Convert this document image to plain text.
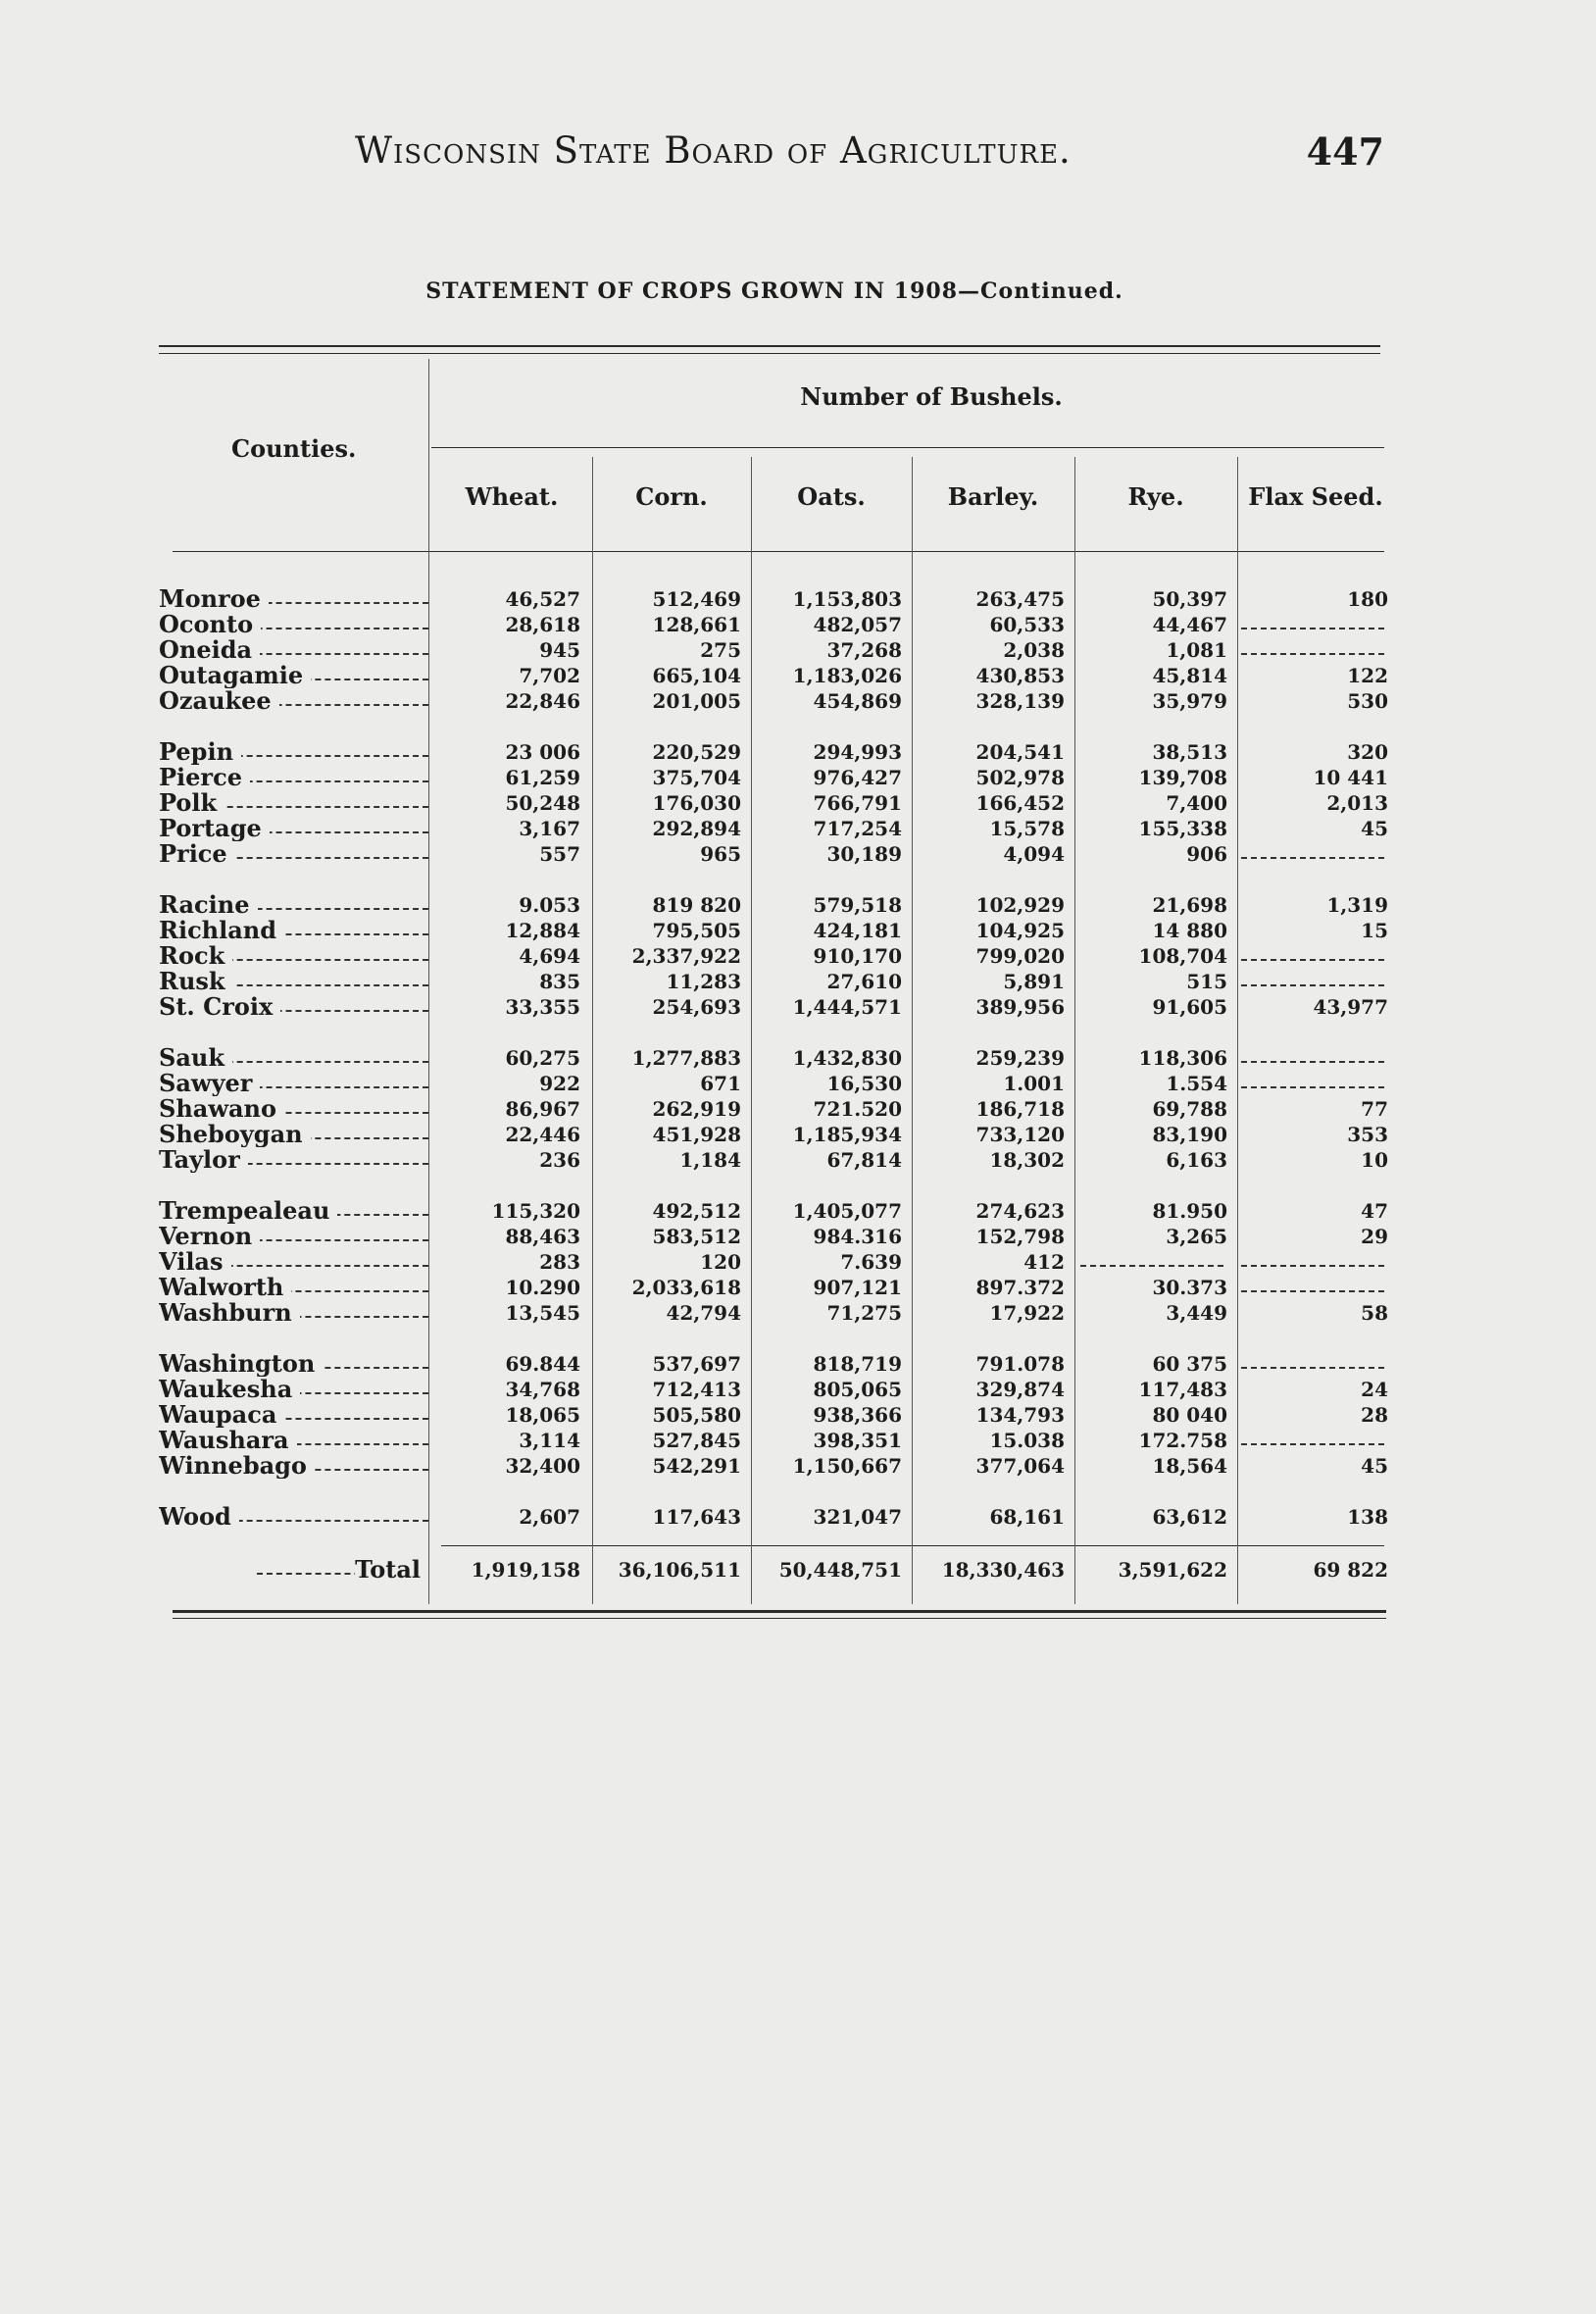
Wisconsin State Board of Agriculture.	447
STATEMENT OF CROPS GROWN IN 1908—Continued.
Counties.
Number of Bushels.
Wheat.	Corn.	Oats.	Barley.	Rye.	Flax Seed.
Monroe	46,527	512,469	1,153,803	263,475	50,397	180
Oconto	28,618	128,661	482,057	60,533	44,467
Oneida	945	275	37,268	2,038	1,081
Outagamie	7,702	665,104	1,183,026	430,853	45,814	122
Ozaukee	22,846	201,005	454,869	328,139	35,979	530
Pepin	23 006	220,529	294,993	204,541	38,513	320
Pierce	61,259	375,704	976,427	502,978	139,708	10 441
Polk	50,248	176,030	766,791	166,452	7,400	2,013
Portage	3,167	292,894	717,254	15,578	155,338	45
Price	557	965	30,189	4,094	906
Racine	9.053	819 820	579,518	102,929	21,698	1,319
Richland	12,884	795,505	424,181	104,925	14 880	15
Rock	4,694	2,337,922	910,170	799,020	108,704
Rusk	835	11,283	27,610	5,891	515
St. Croix	33,355	254,693	1,444,571	389,956	91,605	43,977
Sauk	60,275	1,277,883	1,432,830	259,239	118,306
Sawyer	922	671	16,530	1.001	1.554
Shawano	86,967	262,919	721.520	186,718	69,788	77
Sheboygan	22,446	451,928	1,185,934	733,120	83,190	353
Taylor	236	1,184	67,814	18,302	6,163	10
Trempealeau	115,320	492,512	1,405,077	274,623	81.950	47
Vernon	88,463	583,512	984.316	152,798	3,265	29
Vilas	283	120	7.639	412
Walworth	10.290	2,033,618	907,121	897.372	30.373
Washburn	13,545	42,794	71,275	17,922	3,449	58
Washington	69.844	537,697	818,719	791.078	60 375
Waukesha	34,768	712,413	805,065	329,874	117,483	24
Waupaca	18,065	505,580	938,366	134,793	80 040	28
Waushara	3,114	527,845	398,351	15.038	172.758
Winnebago	32,400	542,291	1,150,667	377,064	18,564	45
Wood	2,607	117,643	321,047	68,161	63,612	138
Total	1,919,158	36,106,511	50,448,751	18,330,463	3,591,622	69 822
